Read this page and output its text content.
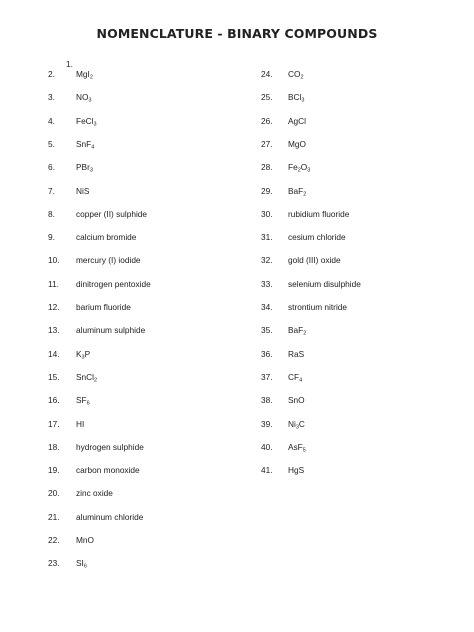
NOMENCLATURE - BINARY COMPOUNDS
1.
2.	MgI$_2$
3.	$NO_3$
4.	FeCl$_3$
5.	SnF$_4$
6.	PBr$_3$
7.	NiS
8.	copper (II) sulphide
9.	calcium bromide
10. mercury (I) iodide
11. dinitrogen pentoxide
12. barium fluoride
13. aluminum sulphide
14. $K_3P$
15. SnCl$_2$
16. $SF_6$
17. HI
18. hydrogen sulphide
19. carbon monoxide
20. zinc oxide
21. aluminum chloride
22. MnO
23. $SI_6$
24. $CO_2$
25. BCl$_3$
26. AgCl
27. MgO
28. $Fe_2O_3$
29. BaF$_2$
30. rubidium fluoride
31. cesium chloride
32. gold (III) oxide
33. selenium disulphide
34. strontium nitride
35. BaF$_2$
36. RaS
37. $CF_4$
38. SnO
39. $Ni_3C$
40. AsF$_5$
41. HgS
